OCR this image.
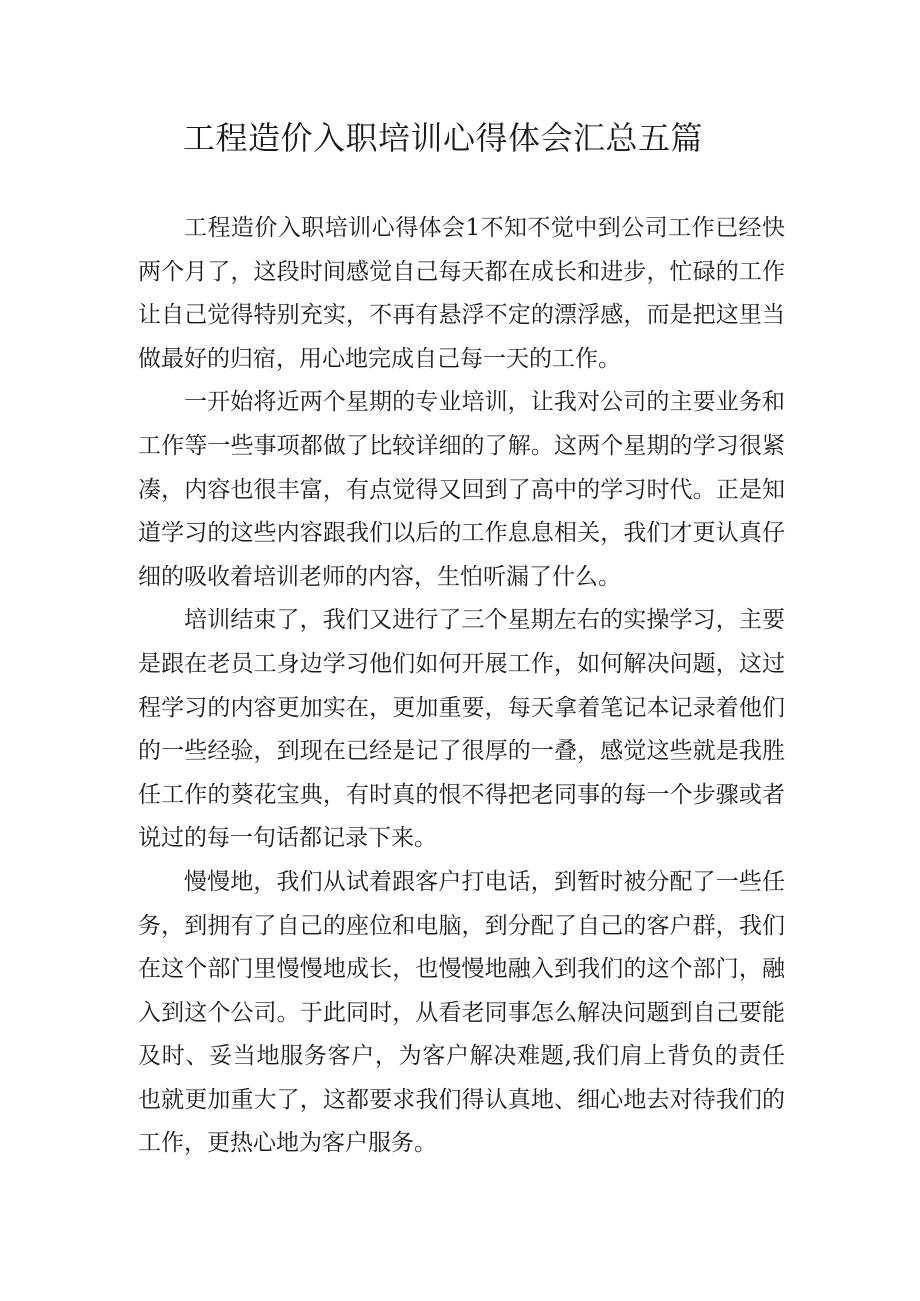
工程造价入职培训心得体会汇总五篇

工程造价入职培训心得体会1不知不觉中到公司工作已经快两个月了，这段时间感觉自己每天都在成长和进步，忙碌的工作让自己觉得特别充实，不再有悬浮不定的漂浮感，而是把这里当做最好的归宿，用心地完成自己每一天的工作。

一开始将近两个星期的专业培训，让我对公司的主要业务和工作等一些事项都做了比较详细的了解。这两个星期的学习很紧凑，内容也很丰富，有点觉得又回到了高中的学习时代。正是知道学习的这些内容跟我们以后的工作息息相关，我们才更认真仔细的吸收着培训老师的内容，生怕听漏了什么。

培训结束了，我们又进行了三个星期左右的实操学习，主要是跟在老员工身边学习他们如何开展工作，如何解决问题，这过程学习的内容更加实在，更加重要，每天拿着笔记本记录着他们的一些经验，到现在已经是记了很厚的一叠，感觉这些就是我胜任工作的葵花宝典，有时真的恨不得把老同事的每一个步骤或者说过的每一句话都记录下来。

慢慢地，我们从试着跟客户打电话，到暂时被分配了一些任务，到拥有了自己的座位和电脑，到分配了自己的客户群，我们在这个部门里慢慢地成长，也慢慢地融入到我们的这个部门，融入到这个公司。于此同时，从看老同事怎么解决问题到自己要能及时、妥当地服务客户，为客户解决难题,我们肩上背负的责任也就更加重大了，这都要求我们得认真地、细心地去对待我们的工作，更热心地为客户服务。
